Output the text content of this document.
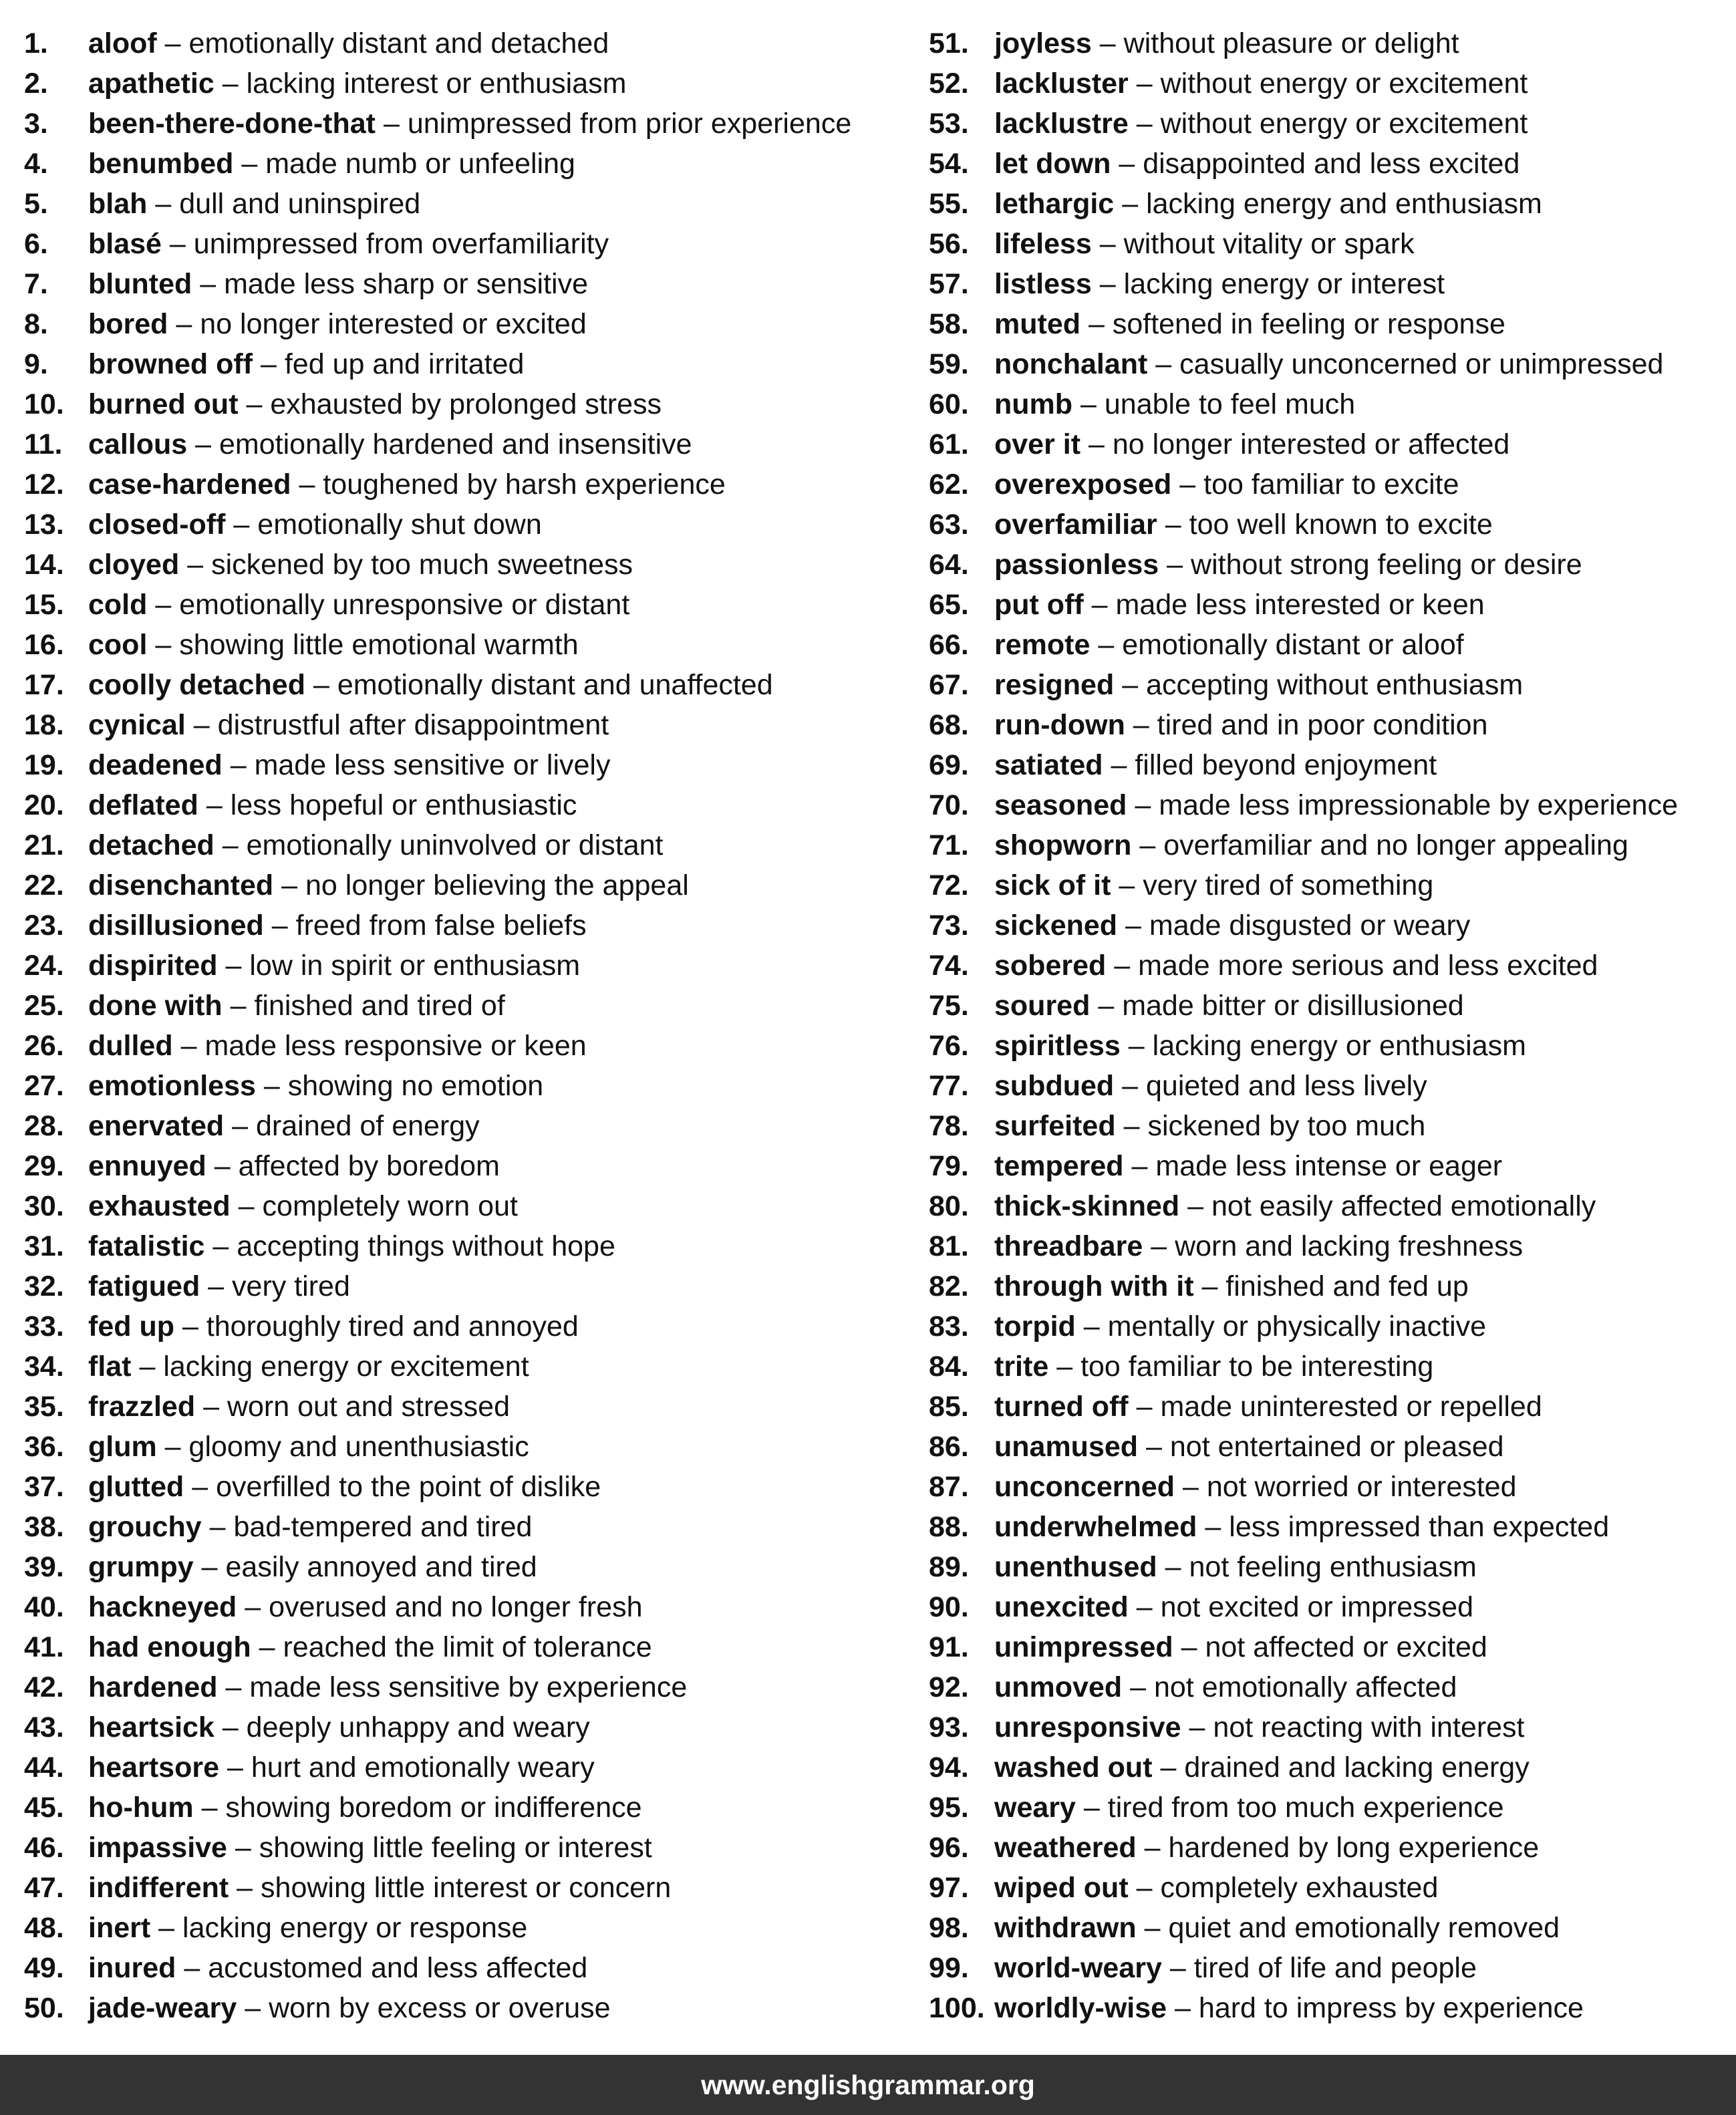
1.	aloof
–
emotionally distant and detached
2.	apathetic
–
lacking interest or enthusiasm
3.	been-there-done-that
–
unimpressed from prior experience
4.	benumbed
–
made numb or unfeeling
5.	blah
–
dull and uninspired
6.	blasé
–
unimpressed from overfamiliarity
7.	blunted
–
made less sharp or sensitive
8.	bored
–
no longer interested or excited
9.	browned off
–
fed up and irritated
10. burned out
–
exhausted by prolonged stress
11. callous
–
emotionally hardened and insensitive
12. case-hardened
–
toughened by harsh experience
13. closed-off
–
emotionally shut down
14. cloyed
–
sickened by too much sweetness
15. cold
–
emotionally unresponsive or distant
16. cool
–
showing little emotional warmth
17. coolly detached
–
emotionally distant and unaffected
18. cynical
–
distrustful after disappointment
19. deadened
–
made less sensitive or lively
20. deflated
–
less hopeful or enthusiastic
21. detached
–
emotionally uninvolved or distant
22. disenchanted
–
no longer believing the appeal
23. disillusioned
–
freed from false beliefs
24. dispirited
–
low in spirit or enthusiasm
25. done with
–
finished and tired of
26. dulled
–
made less responsive or keen
27. emotionless
–
showing no emotion
28. enervated
–
drained of energy
29. ennuyed
–
affected by boredom
30. exhausted
–
completely worn out
31. fatalistic
–
accepting things without hope
32. fatigued
–
very tired
33. fed up
–
thoroughly tired and annoyed
34. flat
–
lacking energy or excitement
35. frazzled
–
worn out and stressed
36. glum
–
gloomy and unenthusiastic
37. glutted
–
overfilled to the point of dislike
38. grouchy
–
bad-tempered and tired
39. grumpy
–
easily annoyed and tired
40. hackneyed
–
overused and no longer fresh
41. had enough
–
reached the limit of tolerance
42. hardened
–
made less sensitive by experience
43. heartsick
–
deeply unhappy and weary
44. heartsore
–
hurt and emotionally weary
45. ho-hum
–
showing boredom or indifference
46. impassive
–
showing little feeling or interest
47. indifferent
–
showing little interest or concern
48. inert
–
lacking energy or response
49. inured
–
accustomed and less affected
50. jade-weary
–
worn by excess or overuse
51. joyless
–
without pleasure or delight
52. lackluster
–
without energy or excitement
53. lacklustre
–
without energy or excitement
54. let down
–
disappointed and less excited
55. lethargic
–
lacking energy and enthusiasm
56. lifeless
–
without vitality or spark
57. listless
–
lacking energy or interest
58. muted
–
softened in feeling or response
59. nonchalant
–
casually unconcerned or unimpressed
60. numb
–
unable to feel much
61. over it
–
no longer interested or affected
62. overexposed
–
too familiar to excite
63. overfamiliar
–
too well known to excite
64. passionless
–
without strong feeling or desire
65. put off
–
made less interested or keen
66. remote
–
emotionally distant or aloof
67. resigned
–
accepting without enthusiasm
68. run-down
–
tired and in poor condition
69. satiated
–
filled beyond enjoyment
70. seasoned
–
made less impressionable by experience
71. shopworn
–
overfamiliar and no longer appealing
72. sick of it
–
very tired of something
73. sickened
–
made disgusted or weary
74. sobered
–
made more serious and less excited
75. soured
–
made bitter or disillusioned
76. spiritless
–
lacking energy or enthusiasm
77. subdued
–
quieted and less lively
78. surfeited
–
sickened by too much
79. tempered
–
made less intense or eager
80. thick-skinned
–
not easily affected emotionally
81. threadbare
–
worn and lacking freshness
82. through with it
–
finished and fed up
83. torpid
–
mentally or physically inactive
84. trite
–
too familiar to be interesting
85. turned off
–
made uninterested or repelled
86. unamused
–
not entertained or pleased
87. unconcerned
–
not worried or interested
88. underwhelmed
–
less impressed than expected
89. unenthused
–
not feeling enthusiasm
90. unexcited
–
not excited or impressed
91. unimpressed
–
not affected or excited
92. unmoved
–
not emotionally affected
93. unresponsive
–
not reacting with interest
94. washed out
–
drained and lacking energy
95. weary
–
tired from too much experience
96. weathered
–
hardened by long experience
97. wiped out
–
completely exhausted
98. withdrawn
–
quiet and emotionally removed
99. world-weary
–
tired of life and people
100. worldly-wise
–
hard to impress by experience
www.englishgrammar.org
